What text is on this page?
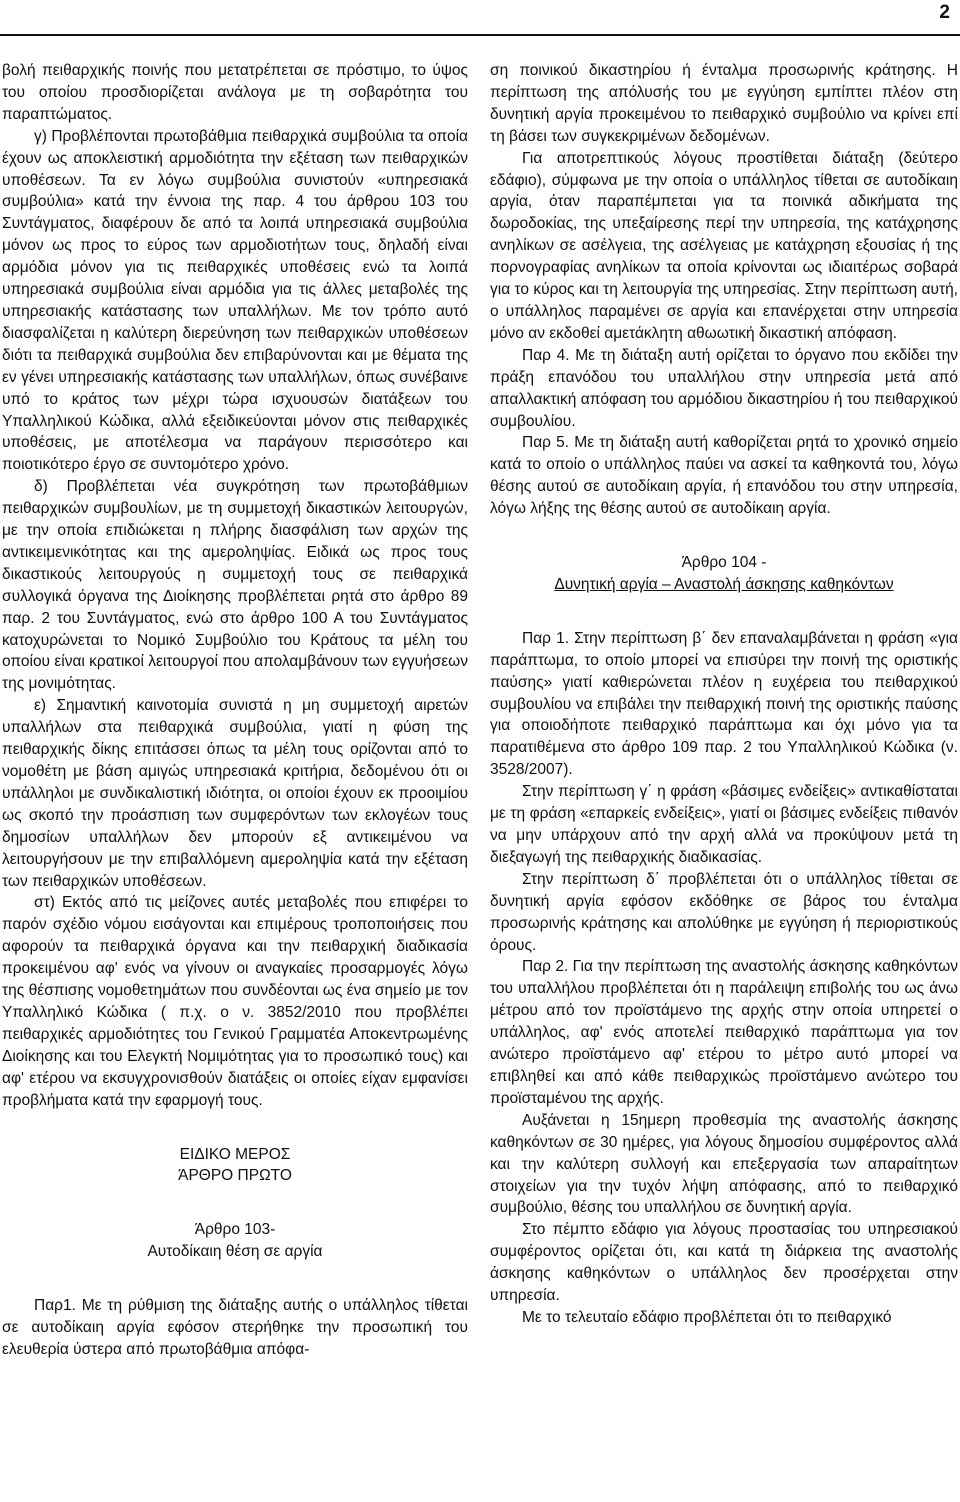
2

βολή πειθαρχικής ποινής που μετατρέπεται σε πρόστιμο, το ύψος του οποίου προσδιορίζεται ανάλογα με τη σοβαρότητα του παραπτώματος.

γ) Προβλέπονται πρωτοβάθμια πειθαρχικά συμβούλια τα οποία έχουν ως αποκλειστική αρμοδιότητα την εξέταση των πειθαρχικών υποθέσεων. Τα εν λόγω συμβούλια συνιστούν «υπηρεσιακά συμβούλια» κατά την έννοια της παρ. 4 του άρθρου 103 του Συντάγματος, διαφέρουν δε από τα λοιπά υπηρεσιακά συμβούλια μόνον ως προς το εύρος των αρμοδιοτήτων τους, δηλαδή είναι αρμόδια μόνον για τις πειθαρχικές υποθέσεις ενώ τα λοιπά υπηρεσιακά συμβούλια είναι αρμόδια για τις άλλες μεταβολές της υπηρεσιακής κατάστασης των υπαλλήλων. Με τον τρόπο αυτό διασφαλίζεται η καλύτερη διερεύνηση των πειθαρχικών υποθέσεων διότι τα πειθαρχικά συμβούλια δεν επιβαρύνονται και με θέματα της εν γένει υπηρεσιακής κατάστασης των υπαλλήλων, όπως συνέβαινε υπό το κράτος των μέχρι τώρα ισχυουσών διατάξεων του Υπαλληλικού Κώδικα, αλλά εξειδικεύονται μόνον στις πειθαρχικές υποθέσεις, με αποτέλεσμα να παράγουν περισσότερο και ποιοτικότερο έργο σε συντομότερο χρόνο.

δ) Προβλέπεται νέα συγκρότηση των πρωτοβάθμιων πειθαρχικών συμβουλίων, με τη συμμετοχή δικαστικών λειτουργών, με την οποία επιδιώκεται η πλήρης διασφάλιση των αρχών της αντικειμενικότητας και της αμεροληψίας. Ειδικά ως προς τους δικαστικούς λειτουργούς η συμμετοχή τους σε πειθαρχικά συλλογικά όργανα της Διοίκησης προβλέπεται ρητά στο άρθρο 89 παρ. 2 του Συντάγματος, ενώ στο άρθρο 100 Α του Συντάγματος κατοχυρώνεται το Νομικό Συμβούλιο του Κράτους τα μέλη του οποίου είναι κρατικοί λειτουργοί που απολαμβάνουν των εγγυήσεων της μονιμότητας.

ε) Σημαντική καινοτομία συνιστά η μη συμμετοχή αιρετών υπαλλήλων στα πειθαρχικά συμβούλια, γιατί η φύση της πειθαρχικής δίκης επιτάσσει όπως τα μέλη τους ορίζονται από το νομοθέτη με βάση αμιγώς υπηρεσιακά κριτήρια, δεδομένου ότι οι υπάλληλοι με συνδικαλιστική ιδιότητα, οι οποίοι έχουν εκ προοιμίου ως σκοπό την προάσπιση των συμφερόντων των εκλογέων τους δημοσίων υπαλλήλων δεν μπορούν εξ αντικειμένου να λειτουργήσουν με την επιβαλλόμενη αμεροληψία κατά την εξέταση των πειθαρχικών υποθέσεων.

στ) Εκτός από τις μείζονες αυτές μεταβολές που επιφέρει το παρόν σχέδιο νόμου εισάγονται και επιμέρους τροποποιήσεις που αφορούν τα πειθαρχικά όργανα και την πειθαρχική διαδικασία προκειμένου αφ' ενός να γίνουν οι αναγκαίες προσαρμογές λόγω της θέσπισης νομοθετημάτων που συνδέονται ως ένα σημείο με τον Υπαλληλικό Κώδικα ( π.χ. ο ν. 3852/2010 που προβλέπει πειθαρχικές αρμοδιότητες του Γενικού Γραμματέα Αποκεντρωμένης Διοίκησης και του Ελεγκτή Νομιμότητας για το προσωπικό τους) και αφ' ετέρου να εκσυγχρονισθούν διατάξεις οι οποίες είχαν εμφανίσει προβλήματα κατά την εφαρμογή τους.

ΕΙΔΙΚΟ ΜΕΡΟΣ

ΆΡΘΡΟ ΠΡΩΤΟ

Άρθρο 103-

Αυτοδίκαιη θέση σε αργία

Παρ1. Με τη ρύθμιση της διάταξης αυτής ο υπάλληλος τίθεται σε αυτοδίκαιη αργία εφόσον στερήθηκε την προσωπική του ελευθερία ύστερα από πρωτοβάθμια απόφα-

ση ποινικού δικαστηρίου ή ένταλμα προσωρινής κράτησης. Η περίπτωση της απόλυσής του με εγγύηση εμπίπτει πλέον στη δυνητική αργία προκειμένου το πειθαρχικό συμβούλιο να κρίνει επί τη βάσει των συγκεκριμένων δεδομένων.

Για αποτρεπτικούς λόγους προστίθεται διάταξη (δεύτερο εδάφιο), σύμφωνα με την οποία ο υπάλληλος τίθεται σε αυτοδίκαιη αργία, όταν παραπέμπεται για τα ποινικά αδικήματα της δωροδοκίας, της υπεξαίρεσης περί την υπηρεσία, της κατάχρησης ανηλίκων σε ασέλγεια, της ασέλγειας με κατάχρηση εξουσίας ή της πορνογραφίας ανηλίκων τα οποία κρίνονται ως ιδιαιτέρως σοβαρά για το κύρος και τη λειτουργία της υπηρεσίας. Στην περίπτωση αυτή, ο υπάλληλος παραμένει σε αργία και επανέρχεται στην υπηρεσία μόνο αν εκδοθεί αμετάκλητη αθωωτική δικαστική απόφαση.

Παρ 4. Με τη διάταξη αυτή ορίζεται το όργανο που εκδίδει την πράξη επανόδου του υπαλλήλου στην υπηρεσία μετά από απαλλακτική απόφαση του αρμόδιου δικαστηρίου ή του πειθαρχικού συμβουλίου.

Παρ 5. Με τη διάταξη αυτή καθορίζεται ρητά το χρονικό σημείο κατά το οποίο ο υπάλληλος παύει να ασκεί τα καθηκοντά του, λόγω θέσης αυτού σε αυτοδίκαιη αργία, ή επανόδου του στην υπηρεσία, λόγω λήξης της θέσης αυτού σε αυτοδίκαιη αργία.

Άρθρο 104 -

Δυνητική αργία – Αναστολή άσκησης καθηκόντων

Παρ 1. Στην περίπτωση β΄ δεν επαναλαμβάνεται η φράση «για παράπτωμα, το οποίο μπορεί να επισύρει την ποινή της οριστικής παύσης» γιατί καθιερώνεται πλέον η ευχέρεια του πειθαρχικού συμβουλίου να επιβάλει την πειθαρχική ποινή της οριστικής παύσης για οποιοδήποτε πειθαρχικό παράπτωμα και όχι μόνο για τα παρατιθέμενα στο άρθρο 109 παρ. 2 του Υπαλληλικού Κώδικα (ν. 3528/2007).

Στην περίπτωση γ΄ η φράση «βάσιμες ενδείξεις» αντικαθίσταται με τη φράση «επαρκείς ενδείξεις», γιατί οι βάσιμες ενδείξεις πιθανόν να μην υπάρχουν από την αρχή αλλά να προκύψουν μετά τη διεξαγωγή της πειθαρχικής διαδικασίας.

Στην περίπτωση δ΄ προβλέπεται ότι ο υπάλληλος τίθεται σε δυνητική αργία εφόσον εκδόθηκε σε βάρος του ένταλμα προσωρινής κράτησης και απολύθηκε με εγγύηση ή περιοριστικούς όρους.

Παρ 2. Για την περίπτωση της αναστολής άσκησης καθηκόντων του υπαλλήλου προβλέπεται ότι η παράλειψη επιβολής του ως άνω μέτρου από τον προϊστάμενο της αρχής στην οποία υπηρετεί ο υπάλληλος, αφ' ενός αποτελεί πειθαρχικό παράπτωμα για τον ανώτερο προϊστάμενο αφ' ετέρου το μέτρο αυτό μπορεί να επιβληθεί και από κάθε πειθαρχικώς προϊστάμενο ανώτερο του προϊσταμένου της αρχής.

Αυξάνεται η 15ημερη προθεσμία της αναστολής άσκησης καθηκόντων σε 30 ημέρες, για λόγους δημοσίου συμφέροντος αλλά και την καλύτερη συλλογή και επεξεργασία των απαραίτητων στοιχείων για την τυχόν λήψη απόφασης, από το πειθαρχικό συμβούλιο, θέσης του υπαλλήλου σε δυνητική αργία.

Στο πέμπτο εδάφιο για λόγους προστασίας του υπηρεσιακού συμφέροντος ορίζεται ότι, και κατά τη διάρκεια της αναστολής άσκησης καθηκόντων ο υπάλληλος δεν προσέρχεται στην υπηρεσία.

Με το τελευταίο εδάφιο προβλέπεται ότι το πειθαρχικό
